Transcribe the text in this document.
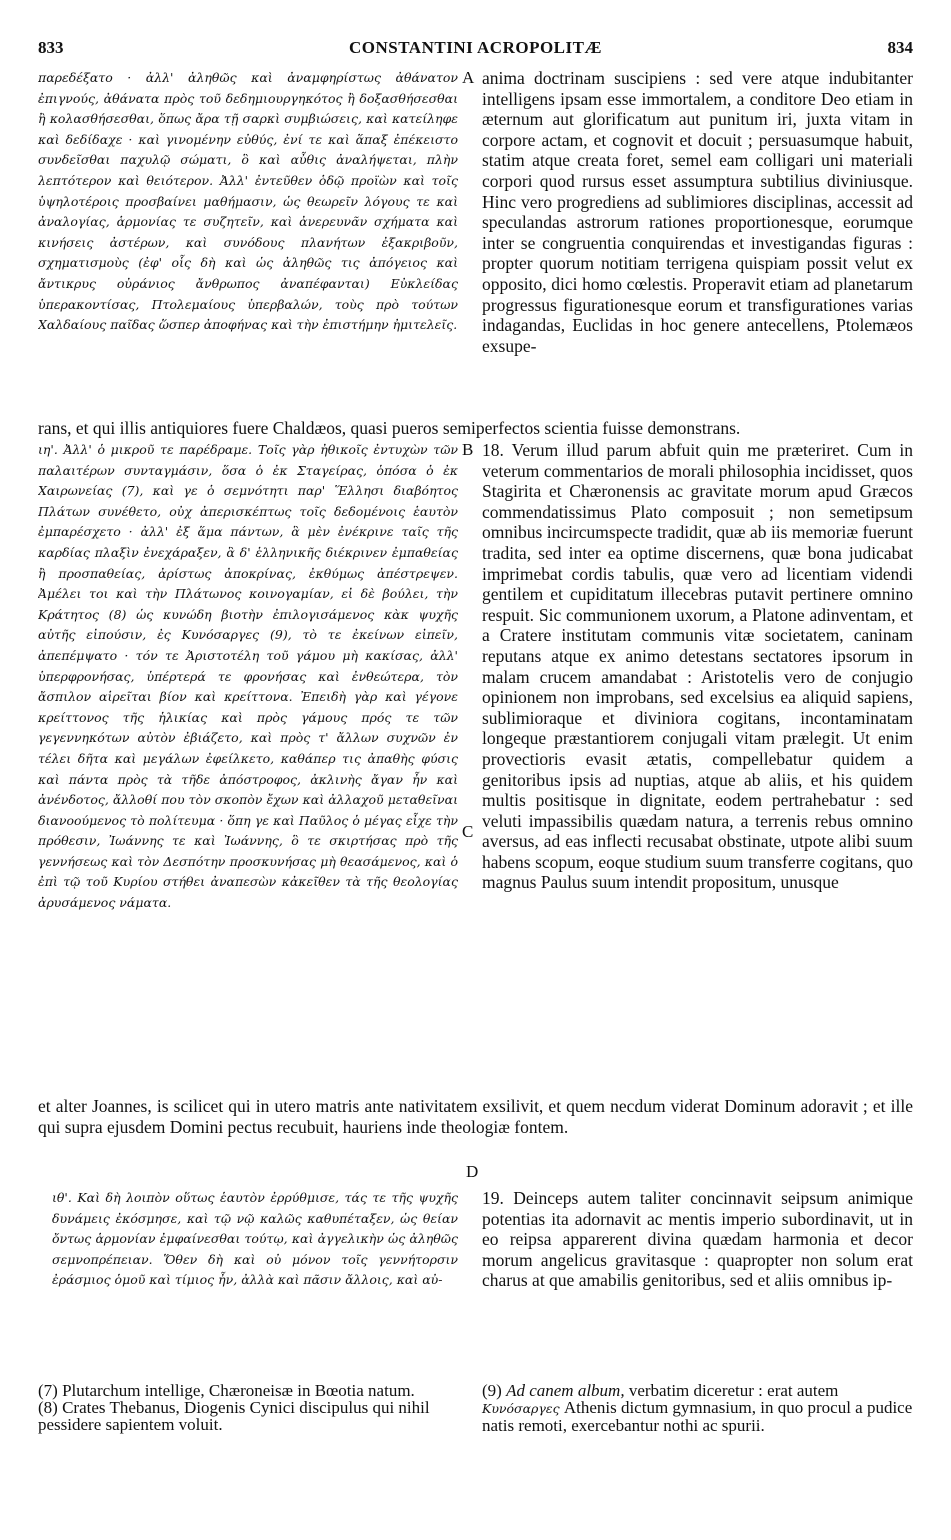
833	CONSTANTINI ACROPOLITÆ	834
παρεδέξατο · ἀλλ' ἀληθῶς καὶ ἀναμφηρίστως ἀθάνατον ἐπιγνούς, ἀθάνατα πρὸς τοῦ δεδημιουργηκότος ἢ δοξασθήσεσθαι ἢ κολασθήσεσθαι, ὅπως ἄρα τῇ σαρκὶ συμβιώσεις, καὶ κατείληφε καὶ δεδίδαχε · καὶ γινομένην εὐθύς, ἐνί τε καὶ ἅπαξ ἐπέκειστο συνδεῖσθαι παχυλῷ σώματι, ὃ καὶ αὖθις ἀναλήψεται, πλὴν λεπτότερον καὶ θειότερον. Ἀλλ' ἐντεῦθεν ὁδῷ προϊὼν καὶ τοῖς ὑψηλοτέροις προσβαίνει μαθήμασιν, ὡς θεωρεῖν λόγους τε καὶ ἀναλογίας, ἁρμονίας τε συζητεῖν, καὶ ἀνερευνᾶν σχήματα καὶ κινήσεις ἀστέρων, καὶ συνόδους πλανήτων ἐξακριβοῦν, σχηματισμοὺς (ἐφ' οἷς δὴ καὶ ὡς ἀληθῶς τις ἀπόγειος καὶ ἄντικρυς οὐράνιος ἄνθρωπος ἀναπέφανται) Εὐκλείδας ὑπερακοντίσας, Πτολεμαίους ὑπερβαλών, τοὺς πρὸ τούτων Χαλδαίους παῖδας ὥσπερ ἀποφήνας καὶ τὴν ἐπιστήμην ἠμιτελεῖς.
A anima doctrinam suscipiens : sed vere atque indubitanter intelligens ipsam esse immortalem, a conditore Deo etiam in æternum aut glorificatum aut punitum iri, juxta vitam in corpore actam, et cognovit et docuit ; persuasumque habuit, statim atque creata foret, semel eam colligari uni materiali corpori quod rursus esset assumptura subtilius diviniusque. Hinc vero progrediens ad sublimiores disciplinas, accessit ad speculandas astrorum rationes proportionesque, eorumque inter se congruentia conquirendas et investigandas figuras : propter quorum notitiam terrigena quispiam possit velut ex opposito, dici homo cœlestis. Properavit etiam ad planetarum progressus figurationesque eorum et transfigurationes varias indagandas, Euclidas in hoc genere antecellens, Ptolemæos exsupe-
rans, et qui illis antiquiores fuere Chaldæos, quasi pueros semiperfectos scientia fuisse demonstrans.
ιη'. Ἀλλ' ὁ μικροῦ τε παρέδραμε. Τοῖς γὰρ ἠθικοῖς ἐντυχὼν τῶν παλαιτέρων συνταγμάσιν, ὅσα ὁ ἐκ Σταγείρας, ὁπόσα ὁ ἐκ Χαιρωνείας (7), καὶ γε ὁ σεμνότητι παρ' Ἕλλησι διαβόητος Πλάτων συνέθετο, οὐχ ἀπερισκέπτως τοῖς δεδομένοις ἑαυτὸν ἐμπαρέσχετο · ἀλλ' ἐξ ἅμα πάντων, ἃ μὲν ἐνέκρινε ταῖς τῆς καρδίας πλαξὶν ἐνεχάραξεν, ἃ δ' ἑλληνικῆς διέκρινεν ἐμπαθείας ἢ προσπαθείας, ἀρίστως ἀποκρίνας, ἐκθύμως ἀπέστρεψεν. Ἀμέλει τοι καὶ τὴν Πλάτωνος κοινογαμίαν, εἰ δὲ βούλει, τὴν Κράτητος (8) ὡς κυνώδη βιοτὴν ἐπιλογισάμενος κὰκ ψυχῆς αὐτῆς εἰπούσιν, ἐς Κυνόσαργες (9), τὸ τε ἐκείνων εἰπεῖν, ἀπεπέμψατο · τόν τε Ἀριστοτέλη τοῦ γάμου μὴ κακίσας, ἀλλ' ὑπερφρονήσας, ὑπέρτερά τε φρονήσας καὶ ἐνθεώτερα, τὸν ἄσπιλον αἱρεῖται βίον καὶ κρείττονα. Ἐπειδὴ γὰρ καὶ γέγονε κρείττονος τῆς ἡλικίας καὶ πρὸς γάμους πρός τε τῶν γεγεννηκότων αὐτὸν ἐβιάζετο, καὶ πρὸς τ' ἄλλων συχνῶν ἐν τέλει δῆτα καὶ μεγάλων ἐφείλκετο, καθάπερ τις ἀπαθὴς φύσις καὶ πάντα πρὸς τὰ τῆδε ἀπόστροφος, ἀκλινὴς ἄγαν ἦν καὶ ἀνένδοτος, ἄλλοθί που τὸν σκοπὸν ἔχων καὶ ἀλλαχοῦ μεταθεῖναι διανοούμενος τὸ πολίτευμα · ὅπη γε καὶ Παῦλος ὁ μέγας εἶχε τὴν πρόθεσιν, Ἰωάννης τε καὶ Ἰωάννης, ὃ τε σκιρτήσας πρὸ τῆς γεννήσεως καὶ τὸν Δεσπότην προσκυνήσας μὴ θεασάμενος, καὶ ὁ ἐπὶ τῷ τοῦ Κυρίου στήθει ἀναπεσὼν κἀκεῖθεν τὰ τῆς θεολογίας ἀρυσάμενος νάματα.
B
C
18. Verum illud parum abfuit quin me præteriret. Cum in veterum commentarios de morali philosophia incidisset, quos Stagirita et Chæronensis ac gravitate morum apud Græcos commendatissimus Plato composuit ; non semetipsum omnibus incircumspecte tradidit, quæ ab iis memoriæ fuerunt tradita, sed inter ea optime discernens, quæ bona judicabat imprimebat cordis tabulis, quæ vero ad licentiam videndi gentilem et cupiditatum illecebras putavit pertinere omnino respuit. Sic communionem uxorum, a Platone adinventam, et a Cratere institutam communis vitæ societatem, caninam reputans atque ex animo detestans sectatores ipsorum in malam crucem amandabat : Aristotelis vero de conjugio opinionem non improbans, sed excelsius ea aliquid sapiens, sublimioraque et diviniora cogitans, incontaminatam longeque præstantiorem conjugali vitam prælegit. Ut enim provectioris evasit ætatis, compellebatur quidem a genitoribus ipsis ad nuptias, atque ab aliis, et his quidem multis positisque in dignitate, eodem pertrahebatur : sed veluti impassibilis quædam natura, a terrenis rebus omnino aversus, ad eas inflecti recusabat obstinate, utpote alibi suum habens scopum, eoque studium suum transferre cogitans, quo magnus Paulus suum intendit propositum, unusque
et alter Joannes, is scilicet qui in utero matris ante nativitatem exsilivit, et quem necdum viderat Dominum adoravit ; et ille qui supra ejusdem Domini pectus recubuit, hauriens inde theologiæ fontem.
D
ιθ'. Καὶ δὴ λοιπὸν οὕτως ἑαυτὸν ἐρρύθμισε, τάς τε τῆς ψυχῆς δυνάμεις ἐκόσμησε, καὶ τῷ νῷ καλῶς καθυπέταξεν, ὡς θείαν ὄντως ἁρμονίαν ἐμφαίνεσθαι τούτῳ, καὶ ἀγγελικὴν ὡς ἀληθῶς σεμνοπρέπειαν. Ὅθεν δὴ καὶ οὐ μόνον τοῖς γεννήτορσιν ἐράσμιος ὁμοῦ καὶ τίμιος ἦν, ἀλλὰ καὶ πᾶσιν ἄλλοις, καὶ αὐ-
19. Deinceps autem taliter concinnavit seipsum animique potentias ita adornavit ac mentis imperio subordinavit, ut in eo reipsa apparerent divina quædam harmonia et decor morum angelicus gravitasque : quapropter non solum erat charus at que amabilis genitoribus, sed et aliis omnibus ip-

(7) Plutarchum intellige, Chæroneisæ in Bœotia natum.

(8) Crates Thebanus, Diogenis Cynici discipulus qui nihil pessidere sapientem voluit.

(9) Ad canem album, verbatim diceretur : erat autem Κυνόσαργες Athenis dictum gymnasium, in quo procul a pudice natis remoti, exercebantur nothi ac spurii.
